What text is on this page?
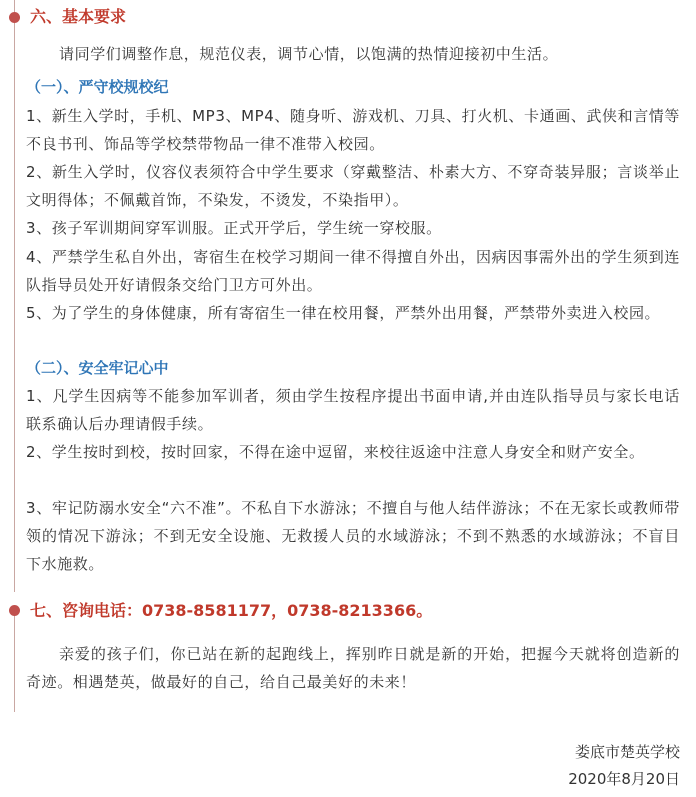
六、基本要求
请同学们调整作息，规范仪表，调节心情，以饱满的热情迎接初中生活。
（一）、严守校规校纪
1、新生入学时，手机、MP3、MP4、随身听、游戏机、刀具、打火机、卡通画、武侠和言情等不良书刊、饰品等学校禁带物品一律不准带入校园。
2、新生入学时，仪容仪表须符合中学生要求（穿戴整洁、朴素大方、不穿奇装异服；言谈举止文明得体；不佩戴首饰，不染发，不烫发，不染指甲）。
3、孩子军训期间穿军训服。正式开学后，学生统一穿校服。
4、严禁学生私自外出，寄宿生在校学习期间一律不得擅自外出，因病因事需外出的学生须到连队指导员处开好请假条交给门卫方可外出。
5、为了学生的身体健康，所有寄宿生一律在校用餐，严禁外出用餐，严禁带外卖进入校园。
（二）、安全牢记心中
1、凡学生因病等不能参加军训者，须由学生按程序提出书面申请,并由连队指导员与家长电话联系确认后办理请假手续。
2、学生按时到校，按时回家，不得在途中逗留，来校往返途中注意人身安全和财产安全。
3、牢记防溺水安全“六不准”。不私自下水游泳；不擅自与他人结伴游泳；不在无家长或教师带领的情况下游泳；不到无安全设施、无救援人员的水域游泳；不到不熟悉的水域游泳；不盲目下水施救。
七、咨询电话：0738-8581177，0738-8213366。
亲爱的孩子们，你已站在新的起跑线上，挥别昨日就是新的开始，把握今天就将创造新的奇迹。相遇楚英，做最好的自己，给自己最美好的未来！
娄底市楚英学校
2020年8月20日
